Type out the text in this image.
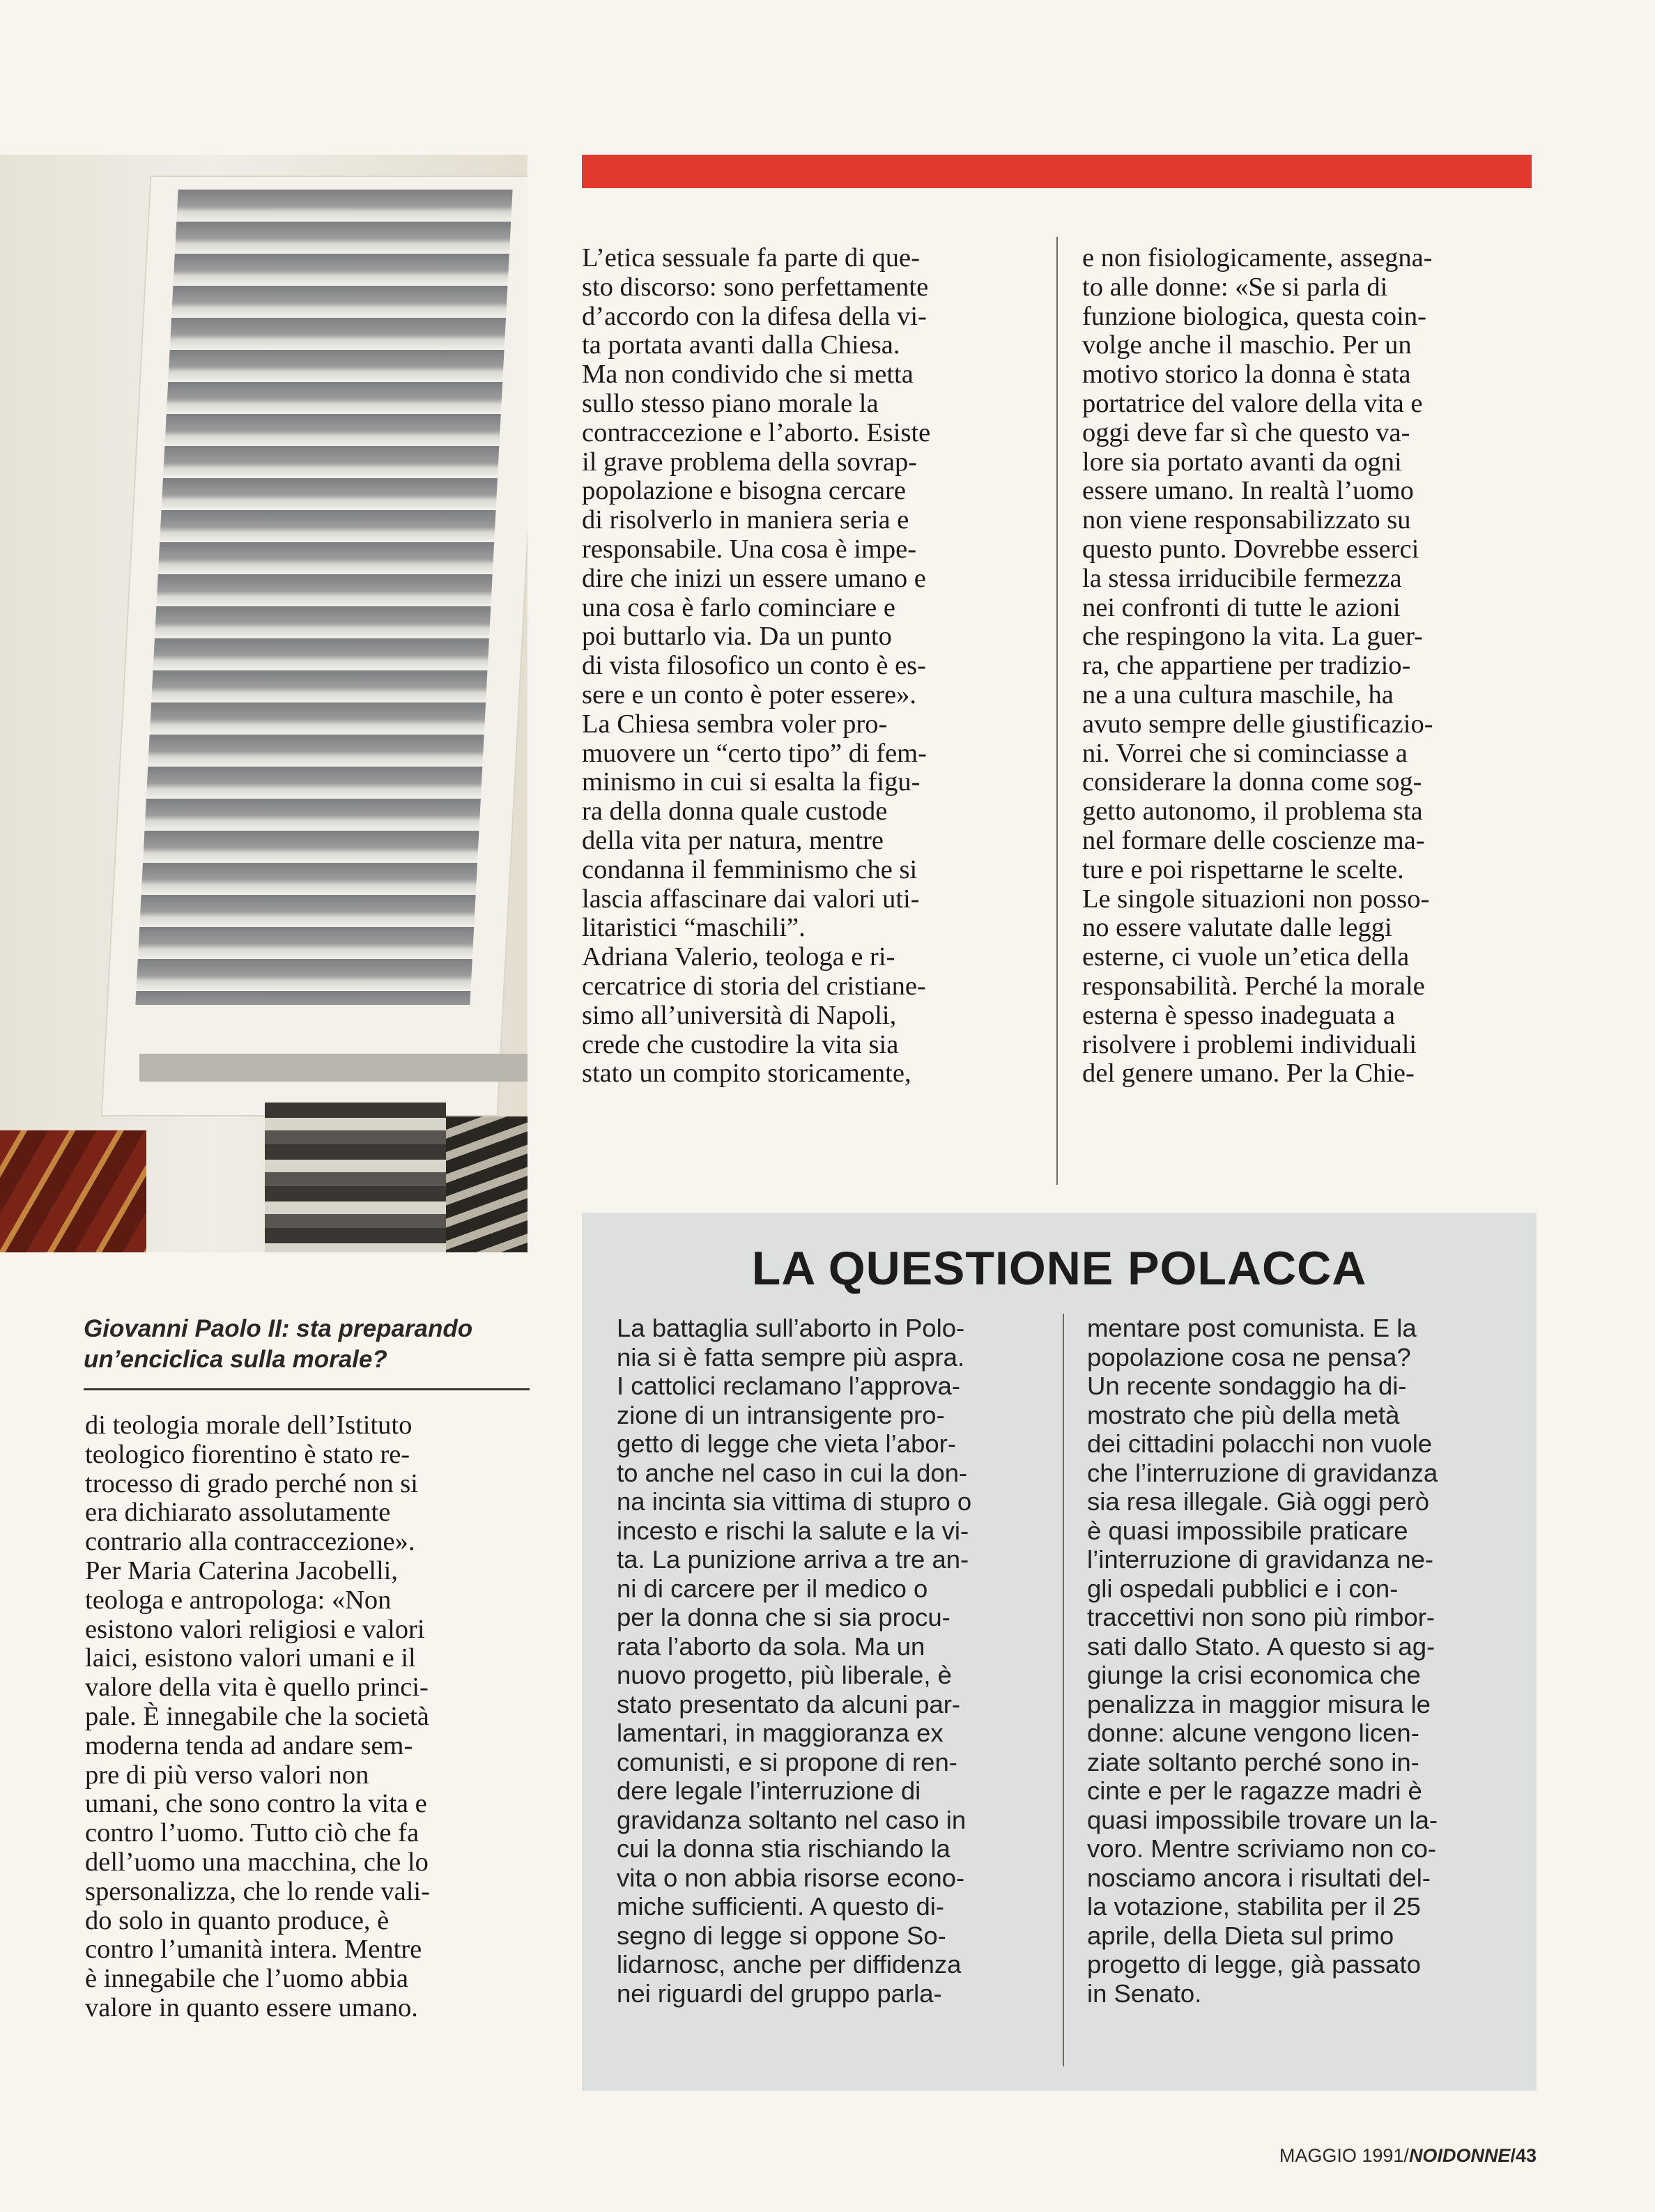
Giovanni Paolo II: sta preparando
un’enciclica sulla morale?

di teologia morale dell’Istituto

teologico fiorentino è stato re-

trocesso di grado perché non si

era dichiarato assolutamente

contrario alla contraccezione».

Per Maria Caterina Jacobelli,

teologa e antropologa: «Non

esistono valori religiosi e valori

laici, esistono valori umani e il

valore della vita è quello princi-

pale. È innegabile che la società

moderna tenda ad andare sem-

pre di più verso valori non

umani, che sono contro la vita e

contro l’uomo. Tutto ciò che fa

dell’uomo una macchina, che lo

spersonalizza, che lo rende vali-

do solo in quanto produce, è

contro l’umanità intera. Mentre

è innegabile che l’uomo abbia

valore in quanto essere umano.

L’etica sessuale fa parte di que-

sto discorso: sono perfettamente

d’accordo con la difesa della vi-

ta portata avanti dalla Chiesa.

Ma non condivido che si metta

sullo stesso piano morale la

contraccezione e l’aborto. Esiste

il grave problema della sovrap-

popolazione e bisogna cercare

di risolverlo in maniera seria e

responsabile. Una cosa è impe-

dire che inizi un essere umano e

una cosa è farlo cominciare e

poi buttarlo via. Da un punto

di vista filosofico un conto è es-

sere e un conto è poter essere».

La Chiesa sembra voler pro-

muovere un “certo tipo” di fem-

minismo in cui si esalta la figu-

ra della donna quale custode

della vita per natura, mentre

condanna il femminismo che si

lascia affascinare dai valori uti-

litaristici “maschili”.

Adriana Valerio, teologa e ri-

cercatrice di storia del cristiane-

simo all’università di Napoli,

crede che custodire la vita sia

stato un compito storicamente,

e non fisiologicamente, assegna-

to alle donne: «Se si parla di

funzione biologica, questa coin-

volge anche il maschio. Per un

motivo storico la donna è stata

portatrice del valore della vita e

oggi deve far sì che questo va-

lore sia portato avanti da ogni

essere umano. In realtà l’uomo

non viene responsabilizzato su

questo punto. Dovrebbe esserci

la stessa irriducibile fermezza

nei confronti di tutte le azioni

che respingono la vita. La guer-

ra, che appartiene per tradizio-

ne a una cultura maschile, ha

avuto sempre delle giustificazio-

ni. Vorrei che si cominciasse a

considerare la donna come sog-

getto autonomo, il problema sta

nel formare delle coscienze ma-

ture e poi rispettarne le scelte.

Le singole situazioni non posso-

no essere valutate dalle leggi

esterne, ci vuole un’etica della

responsabilità. Perché la morale

esterna è spesso inadeguata a

risolvere i problemi individuali

del genere umano. Per la Chie-

LA QUESTIONE POLACCA

La battaglia sull’aborto in Polo-

nia si è fatta sempre più aspra.

I cattolici reclamano l’approva-

zione di un intransigente pro-

getto di legge che vieta l’abor-

to anche nel caso in cui la don-

na incinta sia vittima di stupro o

incesto e rischi la salute e la vi-

ta. La punizione arriva a tre an-

ni di carcere per il medico o

per la donna che si sia procu-

rata l’aborto da sola. Ma un

nuovo progetto, più liberale, è

stato presentato da alcuni par-

lamentari, in maggioranza ex

comunisti, e si propone di ren-

dere legale l’interruzione di

gravidanza soltanto nel caso in

cui la donna stia rischiando la

vita o non abbia risorse econo-

miche sufficienti. A questo di-

segno di legge si oppone So-

lidarnosc, anche per diffidenza

nei riguardi del gruppo parla-

mentare post comunista. E la

popolazione cosa ne pensa?

Un recente sondaggio ha di-

mostrato che più della metà

dei cittadini polacchi non vuole

che l’interruzione di gravidanza

sia resa illegale. Già oggi però

è quasi impossibile praticare

l’interruzione di gravidanza ne-

gli ospedali pubblici e i con-

traccettivi non sono più rimbor-

sati dallo Stato. A questo si ag-

giunge la crisi economica che

penalizza in maggior misura le

donne: alcune vengono licen-

ziate soltanto perché sono in-

cinte e per le ragazze madri è

quasi impossibile trovare un la-

voro. Mentre scriviamo non co-

nosciamo ancora i risultati del-

la votazione, stabilita per il 25

aprile, della Dieta sul primo

progetto di legge, già passato

in Senato.

MAGGIO 1991/NOIDONNE/43
